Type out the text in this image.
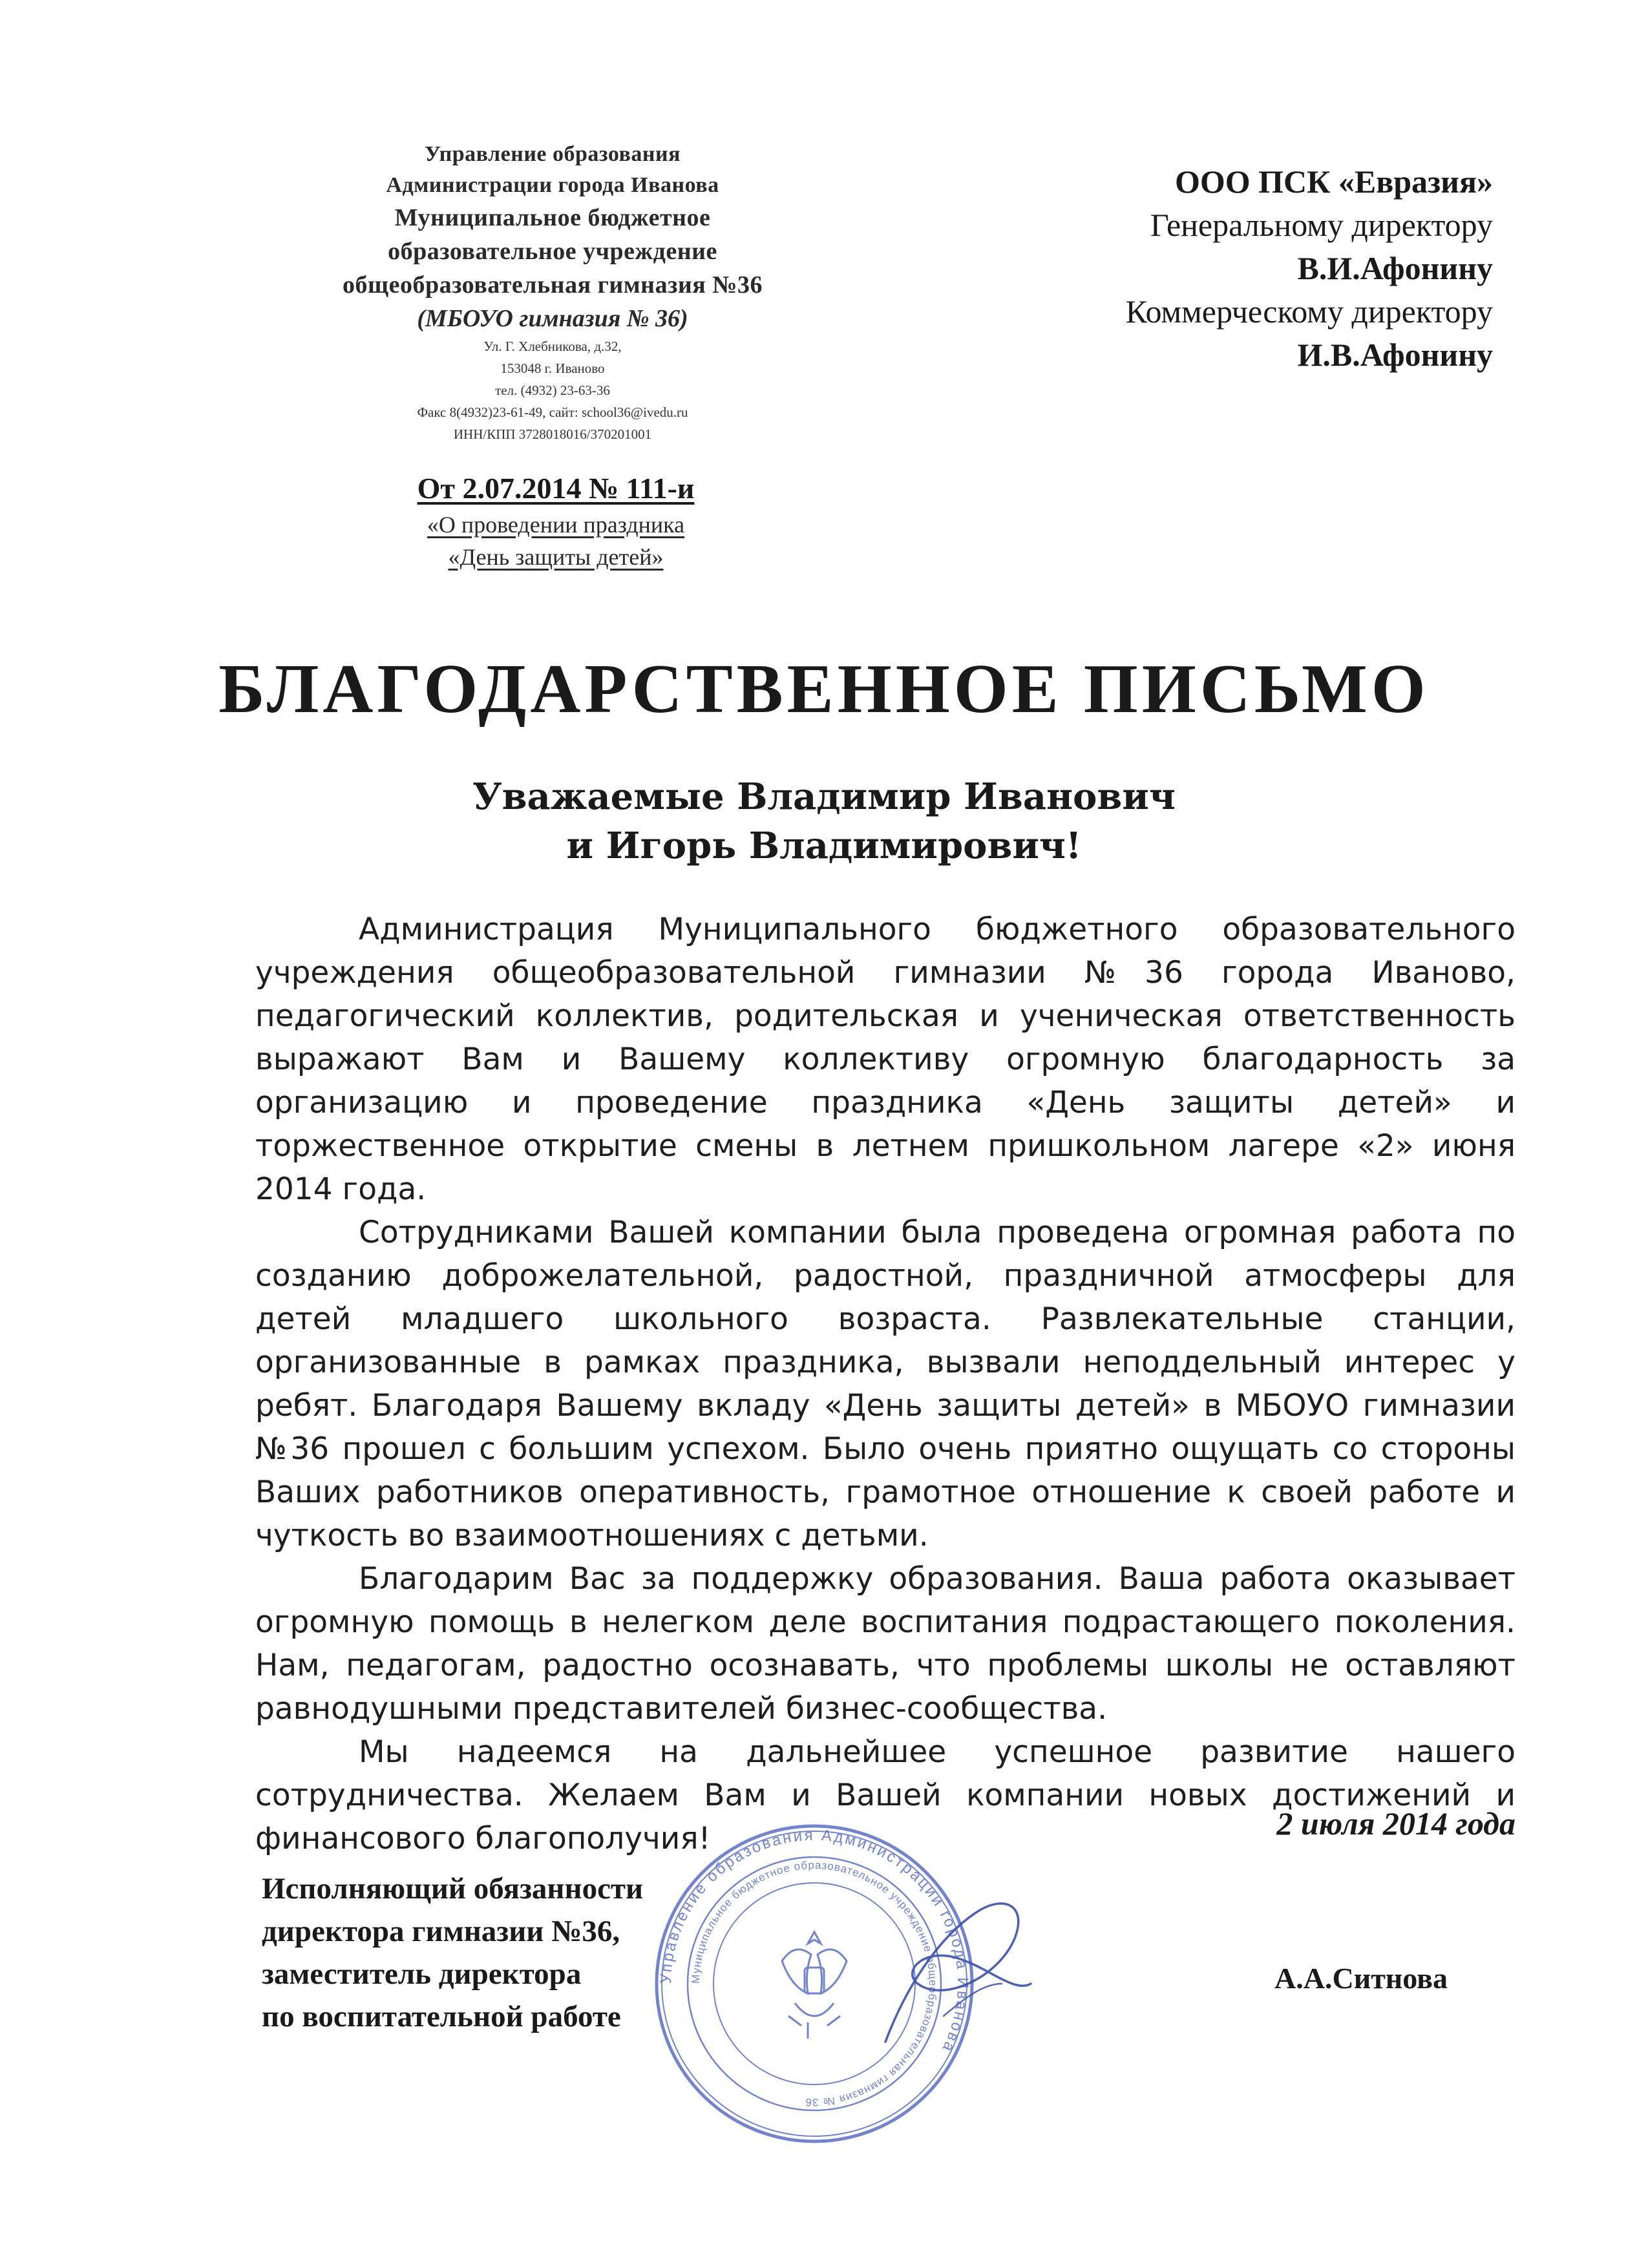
Управление образования
Администрации города Иванова
Муниципальное бюджетное
образовательное учреждение
общеобразовательная гимназия №36
(МБОУО гимназия № 36)
Ул. Г. Хлебникова, д.32,
153048 г. Иваново
тел. (4932) 23-63-36
Факс 8(4932)23-61-49, сайт: school36@ivedu.ru
ИНН/КПП 3728018016/370201001
От 2.07.2014 № 111-и
«О проведении праздника
«День защиты детей»
ООО ПСК «Евразия»
Генеральному директору
В.И.Афонину
Коммерческому директору
И.В.Афонину
БЛАГОДАРСТВЕННОЕ ПИСЬМО
Уважаемые Владимир Иванович
и Игорь Владимирович!

Администрация Муниципального бюджетного образовательного учреждения общеобразовательной гимназии №36 города Иваново, педагогический коллектив, родительская и ученическая ответственность выражают Вам и Вашему коллективу огромную благодарность за организацию и проведение праздника «День защиты детей» и торжественное открытие смены в летнем пришкольном лагере «2» июня 2014 года.

Сотрудниками Вашей компании была проведена огромная работа по созданию доброжелательной, радостной, праздничной атмосферы для детей младшего школьного возраста. Развлекательные станции, организованные в рамках праздника, вызвали неподдельный интерес у ребят. Благодаря Вашему вкладу «День защиты детей» в МБОУО гимназии №36 прошел с большим успехом. Было очень приятно ощущать со стороны Ваших работников оперативность, грамотное отношение к своей работе и чуткость во взаимоотношениях с детьми.

Благодарим Вас за поддержку образования. Ваша работа оказывает огромную помощь в нелегком деле воспитания подрастающего поколения. Нам, педагогам, радостно осознавать, что проблемы школы не оставляют равнодушными представителей бизнес-сообщества.

Мы надеемся на дальнейшее успешное развитие нашего сотрудничества. Желаем Вам и Вашей компании новых достижений и финансового благополучия!	2 июля 2014 года
Исполняющий обязанности
директора гимназии №36,
заместитель директора
по воспитательной работе
Управление образования Администрации города Иванова
Муниципальное бюджетное образовательное учреждение общеобразовательная гимназия № 36
А.А.Ситнова
